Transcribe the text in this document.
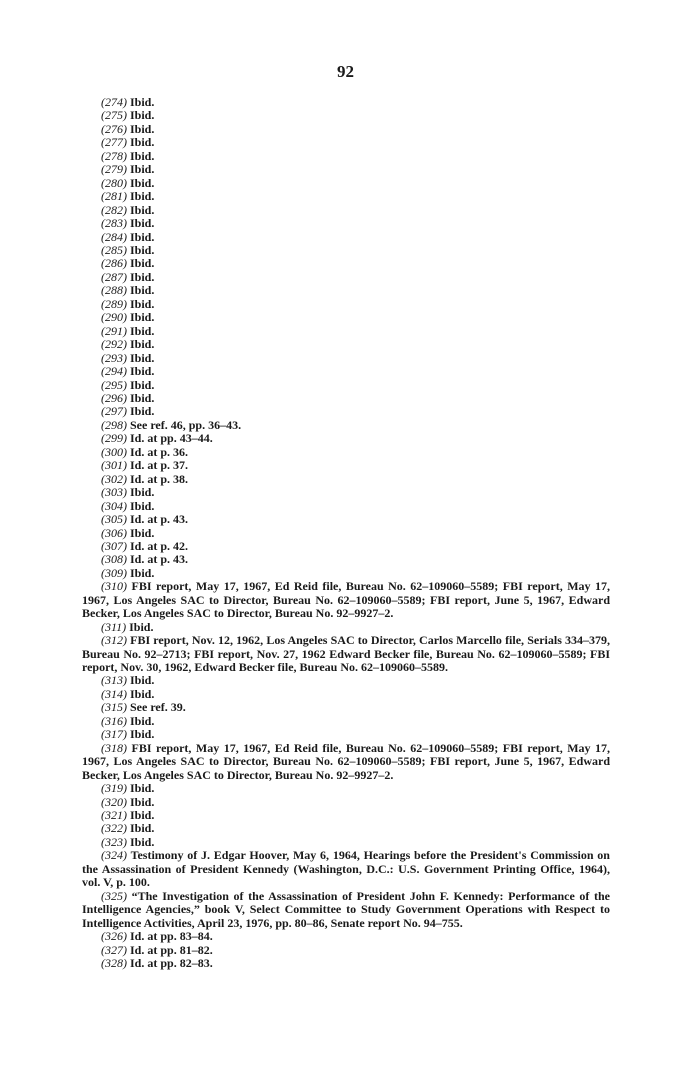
92

(274) Ibid.

(275) Ibid.

(276) Ibid.

(277) Ibid.

(278) Ibid.

(279) Ibid.

(280) Ibid.

(281) Ibid.

(282) Ibid.

(283) Ibid.

(284) Ibid.

(285) Ibid.

(286) Ibid.

(287) Ibid.

(288) Ibid.

(289) Ibid.

(290) Ibid.

(291) Ibid.

(292) Ibid.

(293) Ibid.

(294) Ibid.

(295) Ibid.

(296) Ibid.

(297) Ibid.

(298) See ref. 46, pp. 36–43.

(299) Id. at pp. 43–44.

(300) Id. at p. 36.

(301) Id. at p. 37.

(302) Id. at p. 38.

(303) Ibid.

(304) Ibid.

(305) Id. at p. 43.

(306) Ibid.

(307) Id. at p. 42.

(308) Id. at p. 43.

(309) Ibid.

(310) FBI report, May 17, 1967, Ed Reid file, Bureau No. 62–109060–5589; FBI report, May 17, 1967, Los Angeles SAC to Director, Bureau No. 62–109060–5589; FBI report, June 5, 1967, Edward Becker, Los Angeles SAC to Director, Bureau No. 92–9927–2.

(311) Ibid.

(312) FBI report, Nov. 12, 1962, Los Angeles SAC to Director, Carlos Marcello file, Serials 334–379, Bureau No. 92–2713; FBI report, Nov. 27, 1962 Edward Becker file, Bureau No. 62–109060–5589; FBI report, Nov. 30, 1962, Edward Becker file, Bureau No. 62–109060–5589.

(313) Ibid.

(314) Ibid.

(315) See ref. 39.

(316) Ibid.

(317) Ibid.

(318) FBI report, May 17, 1967, Ed Reid file, Bureau No. 62–109060–5589; FBI report, May 17, 1967, Los Angeles SAC to Director, Bureau No. 62–109060–5589; FBI report, June 5, 1967, Edward Becker, Los Angeles SAC to Director, Bureau No. 92–9927–2.

(319) Ibid.

(320) Ibid.

(321) Ibid.

(322) Ibid.

(323) Ibid.

(324) Testimony of J. Edgar Hoover, May 6, 1964, Hearings before the President's Commission on the Assassination of President Kennedy (Washington, D.C.: U.S. Government Printing Office, 1964), vol. V, p. 100.

(325) “The Investigation of the Assassination of President John F. Kennedy: Performance of the Intelligence Agencies,” book V, Select Committee to Study Government Operations with Respect to Intelligence Activities, April 23, 1976, pp. 80–86, Senate report No. 94–755.

(326) Id. at pp. 83–84.

(327) Id. at pp. 81–82.

(328) Id. at pp. 82–83.
